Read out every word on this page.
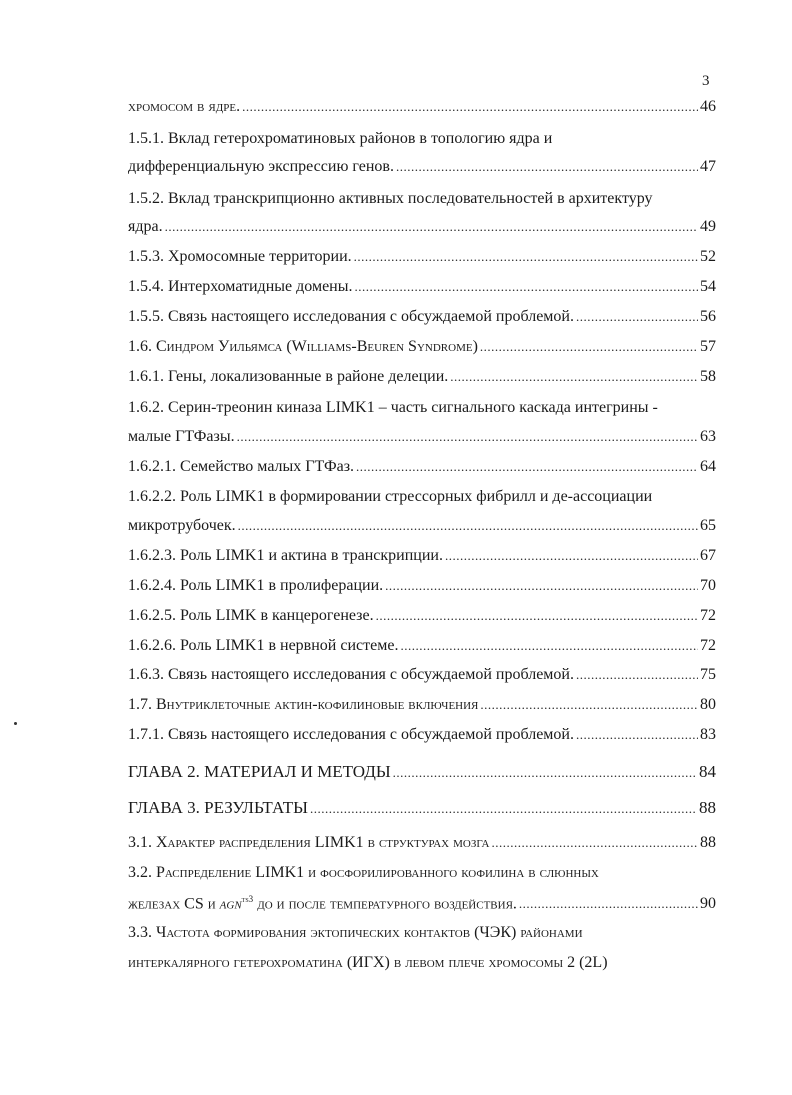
3
хромосом в ядре. .....	46
1.5.1. Вклад гетерохроматиновых районов в топологию ядра и
дифференциальную экспрессию генов. .....	47
1.5.2. Вклад транскрипционно активных последовательностей в архитектуру
ядра. .....	49
1.5.3. Хромосомные территории. .....	52
1.5.4. Интерхоматидные домены. .....	54
1.5.5. Связь настоящего исследования с обсуждаемой проблемой. .....	56
1.6. Синдром Уильямса (Williams-Beuren Syndrome) .....	57
1.6.1. Гены, локализованные в районе делеции. .....	58
1.6.2. Серин-треонин киназа LIMK1 – часть сигнального каскада интегрины -
малые ГТФазы. .....	63
1.6.2.1. Семейство малых ГТФаз. .....	64
1.6.2.2. Роль LIMK1 в формировании стрессорных фибрилл и де-ассоциации
микротрубочек. .....	65
1.6.2.3. Роль LIMK1 и актина в транскрипции. .....	67
1.6.2.4. Роль LIMK1 в пролиферации. .....	70
1.6.2.5. Роль LIMK в канцерогенезе. .....	72
1.6.2.6. Роль LIMK1 в нервной системе. .....	72
1.6.3. Связь настоящего исследования с обсуждаемой проблемой. .....	75
1.7. Внутриклеточные актин-кофилиновые включения .....	80
1.7.1. Связь настоящего исследования с обсуждаемой проблемой. .....	83
ГЛАВА 2. МАТЕРИАЛ И МЕТОДЫ .....	84
ГЛАВА 3. РЕЗУЛЬТАТЫ .....	88
3.1. Характер распределения LIMK1 в структурах мозга .....	88
3.2. Распределение LIMK1 и фосфорилированного кофилина в слюнных
железах CS и agn$^{ts3}$ до и после температурного воздействия. .....	90
3.3. Частота формирования эктопических контактов (ЧЭК) районами
интеркалярного гетерохроматина (ИГХ) в левом плече хромосомы 2 (2L)
